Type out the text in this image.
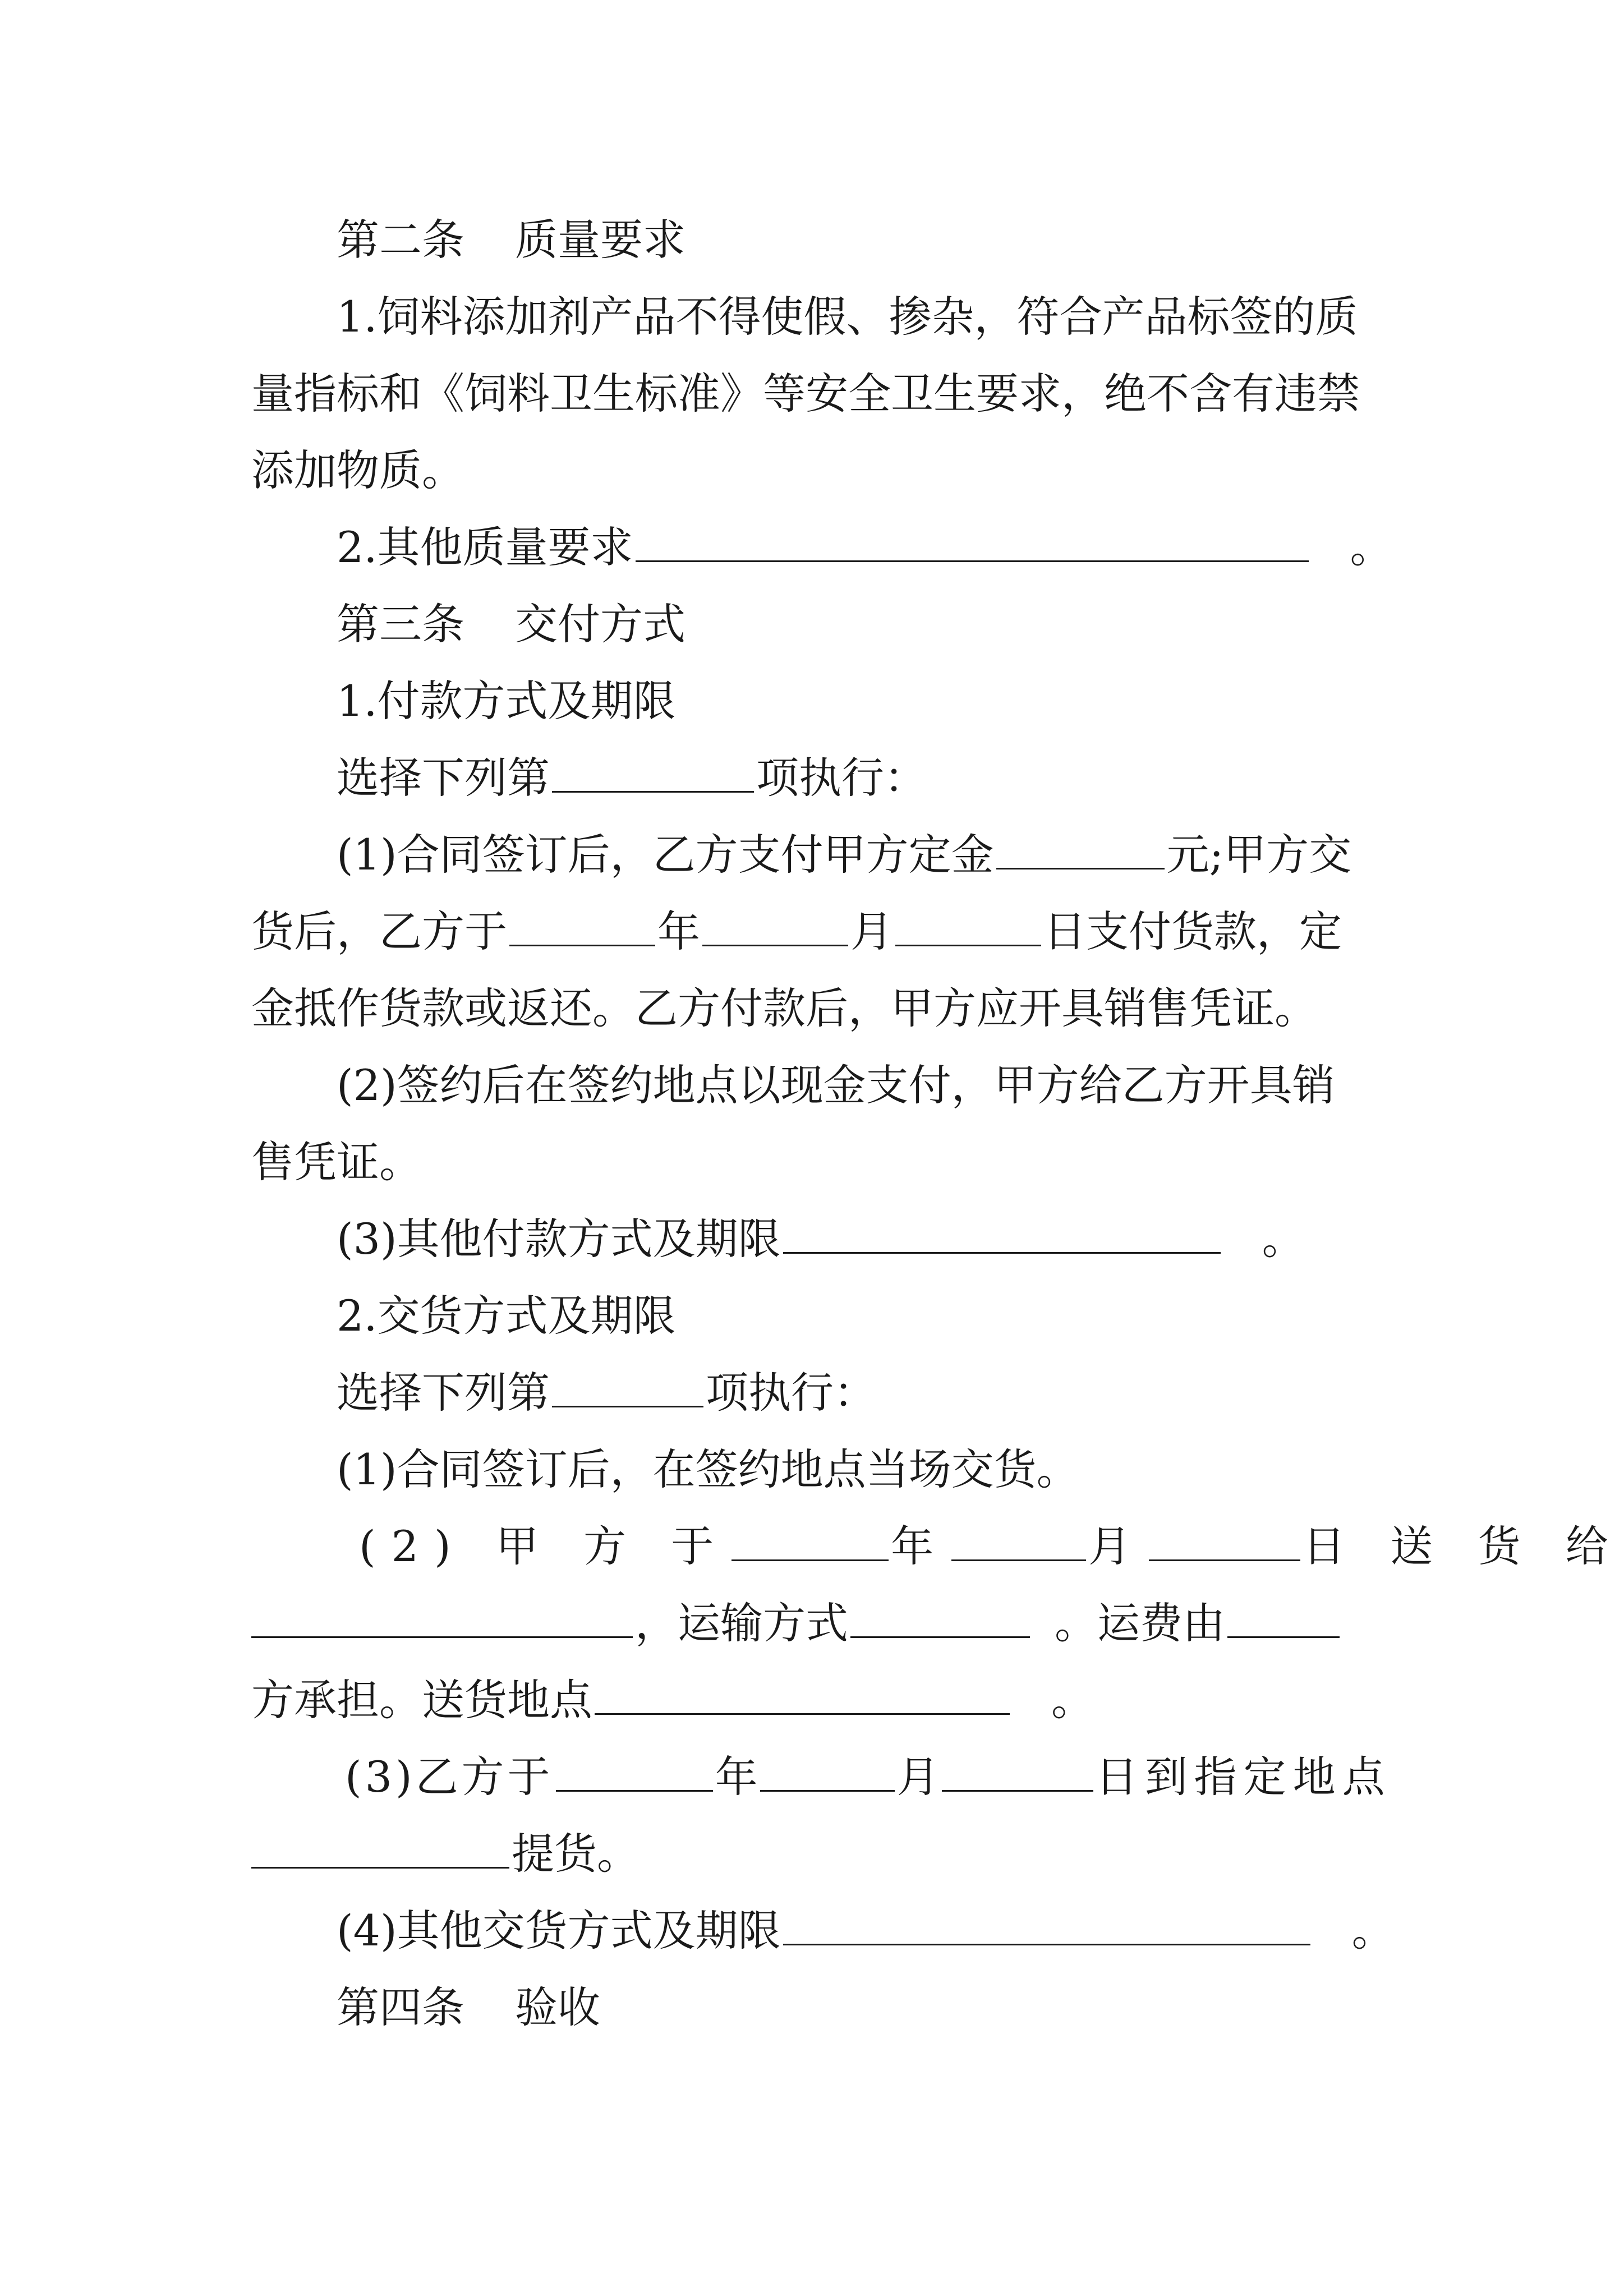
第二条 质量要求
1.饲料添加剂产品不得使假、掺杂，符合产品标签的质
量指标和《饲料卫生标准》等安全卫生要求，绝不含有违禁
添加物质。
2.其他质量要求	。
第三条 交付方式
1.付款方式及期限
选择下列第	项执行：
(1)合同签订后，乙方支付甲方定金	元;甲方交
货后，乙方于	年	月	日支付货款，定
金抵作货款或返还。乙方付款后，甲方应开具销售凭证。
(2)签约后在签约地点以现金支付，甲方给乙方开具销
售凭证。
(3)其他付款方式及期限	。
2.交货方式及期限
选择下列第	项执行：
(1)合同签订后，在签约地点当场交货。
(2) 甲 方 于	年	月	日 送 货 给
，运输方式	。运费由
方承担。送货地点	。
(3)乙方于	年	月	日到指定地点
提货。
(4)其他交货方式及期限	。
第四条 验收
